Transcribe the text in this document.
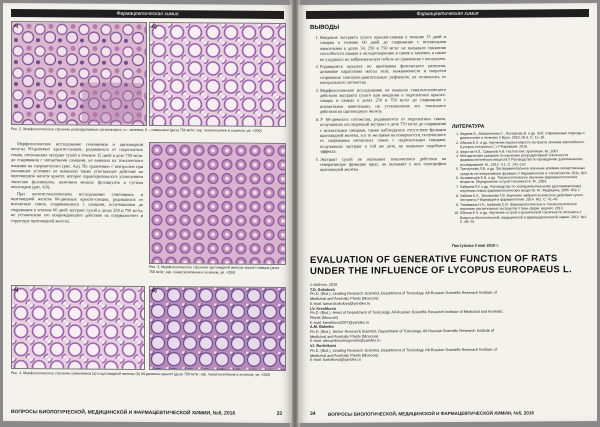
Фармацевтическая химия
а)	б)
Рис. 2. Морфологическое строение репродуктивных органов крыс: а – яичники; б – семенники (доза 750 мг/кг; окр. гематоксилин и эозином, ув. ×200)

Морфологическое исследование семенников и щитовидной железы 60-дневных крысят-самцов, родившихся от подопытных самок, получавших экстракт сухой в течение 15 дней в дозе 750 мг/кг до спаривания с интактными самцами, не выявило их токсического влияния на сперматогенез (рис. 4,а). По сравнению с контролем при указанных условиях не выявлено также угнетающее действие на щитовидную железу крысят, которое характеризовалось уплощением эпителия фолликулов, наличием мелких фолликулов и густым коллоидом (рис. 4,б).

При патогистологическом исследовании семенников и щитовидной железы 60-дневных крысят-самцов, родившихся от интактных самок, спаривавшихся с самцами, получавшими до спаривания в течение 60 дней экстракт сухой в дозах 250 и 750 мг/кг, не установлено его повреждающего действия на сперматогенез и структуру щитовидной железы.

Рис. 3. Морфологическое строение щитовидной железы крысят-самцов (доза 750 мг/кг; окр. гематоксилином и эозином, ув. ×200)
а)	б)
Рис. 4. Морфологическое строение семенников (а) и щитовидной железы (б) 60-дневных крысят (доза 750 мг/кг; окр. гематоксилином и эозином, ув. ×200)
ВОПРОСЫ БИОЛОГИЧЕСКОЙ, МЕДИЦИНСКОЙ И ФАРМАЦЕВТИЧЕСКОЙ ХИМИИ, №6, 2016	33
Фармацевтическая химия
ВЫВОДЫ
1. Введение экстракта сухого крысам-самкам в течение 15 дней и самцам в течение 60 дней до спаривания с интактными животными в дозах 50, 250 и 750 мг/кг не вызывало снижения способности самцов к оплодотворению и самок к зачатию, а также не ухудшало их эмбриональную гибель по сравнению с контролем.
2. Родившиеся крысята по критериям физического развития, динамике нарастания массы тела, выживаемости и скорости созревания сенсорно-двигательных рефлексов, не отличались от контрольного потомства.
3. Морфологическое исследование не выявило гематологического действия экстракта сухого при введении в подопытных крысах-самцах и самках в дозах 250 и 750 мг/кг до спаривания с интактными животными, на установление его токсичного действия на щитовидную железу.
4. У 60-дневного потомства, родившегося от подопытных самок, получавших исследуемый экстракт в дозе 750 мг/кг до спаривания с интактными самцами, также наблюдалось отсутствие функции щитовидной железы, и в то же время на поверхности, полученного от спаривания интактных самок с подопытными самцами, получавших экстракт в той же дозе, не выявлено подобного эффекта.
5. Экстракт сухой не оказывает токсического действия на генеративную функцию крыс, не вызывает у них гипотрофии щитовидной железы.
ЛИТЕРАТУРА
1. Фадеев В., Мельниченко Г., Петеркова В. и др. Зоб: современные подходы к диагностике и лечению // Врач. 2010, № 5, С. 11–16.
2. Абизов Е.А. и др. Изучение переносимости экстракта зюзника европейского (Lycopus europaeus L.) // Фармация. 2016.
3. Фаустов Н.Л., Смирнов А.В. Гистология: практикум. М., 2007.
4. Методические указания по изучению репродуктивной токсичности фармакологических веществ // Руководство по проведению доклинических исследований. М., 2012. Ч.1. С. 141–157.
5. Трескунова Л.В. и др. Экспериментальное изучение влияния лекарственных средств на генеративную функцию // Фармакология и токсикология. 2011, №3.
6. Арзамасцев Е.В. и др. Токсикологическое изучение фармакологических веществ. Определение острой токсичности. М., 2003.
7. Хабриев Р.У. и др. Руководство по экспериментальному (доклиническому) изучению новых фармакологических веществ. М.: Медицина, 2005. 832 с.
8. Хабиев К.А., Зиновьева Т.В. Изучение эмбриотоксического действия сухого экстракта // Фармация и фармакология. 2014. №1. С. 41–45.
9. Тюкавкина Н.А., Бабаева С.И. Фармакологическое и токсикологическое изучение растительных экстрактов // Хим.-фарм. журнал. 2013.
10. Абизов Е.А. и др. Изучение острой и хронической токсичности экстракта // Вопросы биологической, медицинской и фармацевтической химии. 2012. №1. С. 69–75.
Поступила 3 мая 2016 г.
EVALUATION OF GENERATIVE FUNCTION OF RATS UNDER THE INFLUENCE OF LYCOPUS EUROPAEUS L.
© Authors, 2016
T.D. Sokolova
Ph.D. (Biol.), Leading Research Scientist, Department of Toxicology, All-Russian Scientific Research Institute of Medicinal and Aromatic Plants (Moscow)
E-mail: tamarasokolova@yandex.ru
I.V. Kreshkova
Ph.D. (Biol.), Head of Department of Toxicology, All-Russian Scientific Research Institute of Medicinal and Aromatic Plants (Moscow)
E-mail: kreshkova2007@yandex.ru
A.M. Balenko
Ph.D. (Biol.), Senior Research Scientist, Department of Toxicology, All-Russian Scientific Research Institute of Medicinal and Aromatic Plants (Moscow)
E-mail: alexandraurningovolin@yandex.ru
V.I. Bortnikova
Ph.D. (Biol.), Leading Research Scientist, Department of Toxicology, All-Russian Scientific Research Institute of Medicinal and Aromatic Plants (Moscow)
E-mail: bortnikova@yandex.ru
34	ВОПРОСЫ БИОЛОГИЧЕСКОЙ, МЕДИЦИНСКОЙ И ФАРМАЦЕВТИЧЕСКОЙ ХИМИИ, №6, 2016
